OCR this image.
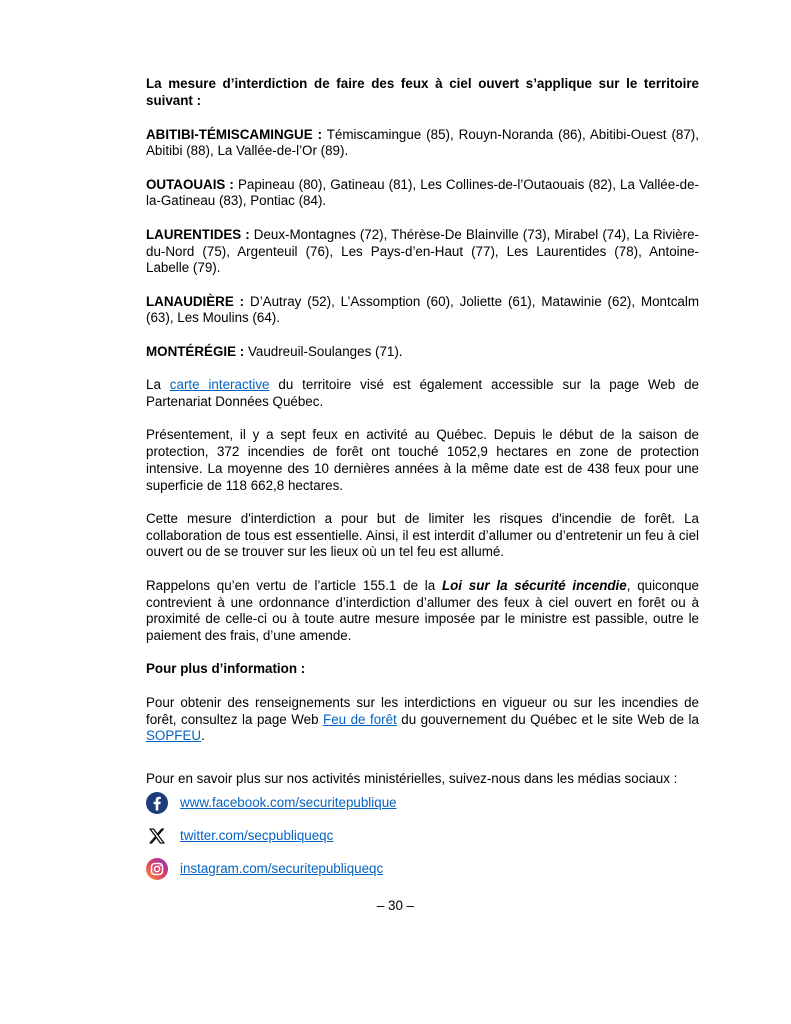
La mesure d’interdiction de faire des feux à ciel ouvert s’applique sur le territoire suivant :

ABITIBI-TÉMISCAMINGUE : Témiscamingue (85), Rouyn-Noranda (86), Abitibi-Ouest (87), Abitibi (88), La Vallée-de-l’Or (89).

OUTAOUAIS : Papineau (80), Gatineau (81), Les Collines-de-l’Outaouais (82), La Vallée-de-la-Gatineau (83), Pontiac (84).

LAURENTIDES : Deux-Montagnes (72), Thérèse-De Blainville (73), Mirabel (74), La Rivière-du-Nord (75), Argenteuil (76), Les Pays-d’en-Haut (77), Les Laurentides (78), Antoine-Labelle (79).

LANAUDIÈRE : D’Autray (52), L’Assomption (60), Joliette (61), Matawinie (62), Montcalm (63), Les Moulins (64).

MONTÉRÉGIE : Vaudreuil-Soulanges (71).

La carte interactive du territoire visé est également accessible sur la page Web de Partenariat Données Québec.

Présentement, il y a sept feux en activité au Québec. Depuis le début de la saison de protection, 372 incendies de forêt ont touché 1052,9 hectares en zone de protection intensive. La moyenne des 10 dernières années à la même date est de 438 feux pour une superficie de 118 662,8 hectares.

Cette mesure d'interdiction a pour but de limiter les risques d'incendie de forêt. La collaboration de tous est essentielle. Ainsi, il est interdit d’allumer ou d’entretenir un feu à ciel ouvert ou de se trouver sur les lieux où un tel feu est allumé.

Rappelons qu’en vertu de l’article 155.1 de la Loi sur la sécurité incendie, quiconque contrevient à une ordonnance d’interdiction d’allumer des feux à ciel ouvert en forêt ou à proximité de celle-ci ou à toute autre mesure imposée par le ministre est passible, outre le paiement des frais, d’une amende.

Pour plus d’information :

Pour obtenir des renseignements sur les interdictions en vigueur ou sur les incendies de forêt, consultez la page Web Feu de forêt du gouvernement du Québec et le site Web de la SOPFEU.

Pour en savoir plus sur nos activités ministérielles, suivez-nous dans les médias sociaux :

www.facebook.com/securitepublique
twitter.com/secpubliqueqc
instagram.com/securitepubliqueqc
– 30 –
